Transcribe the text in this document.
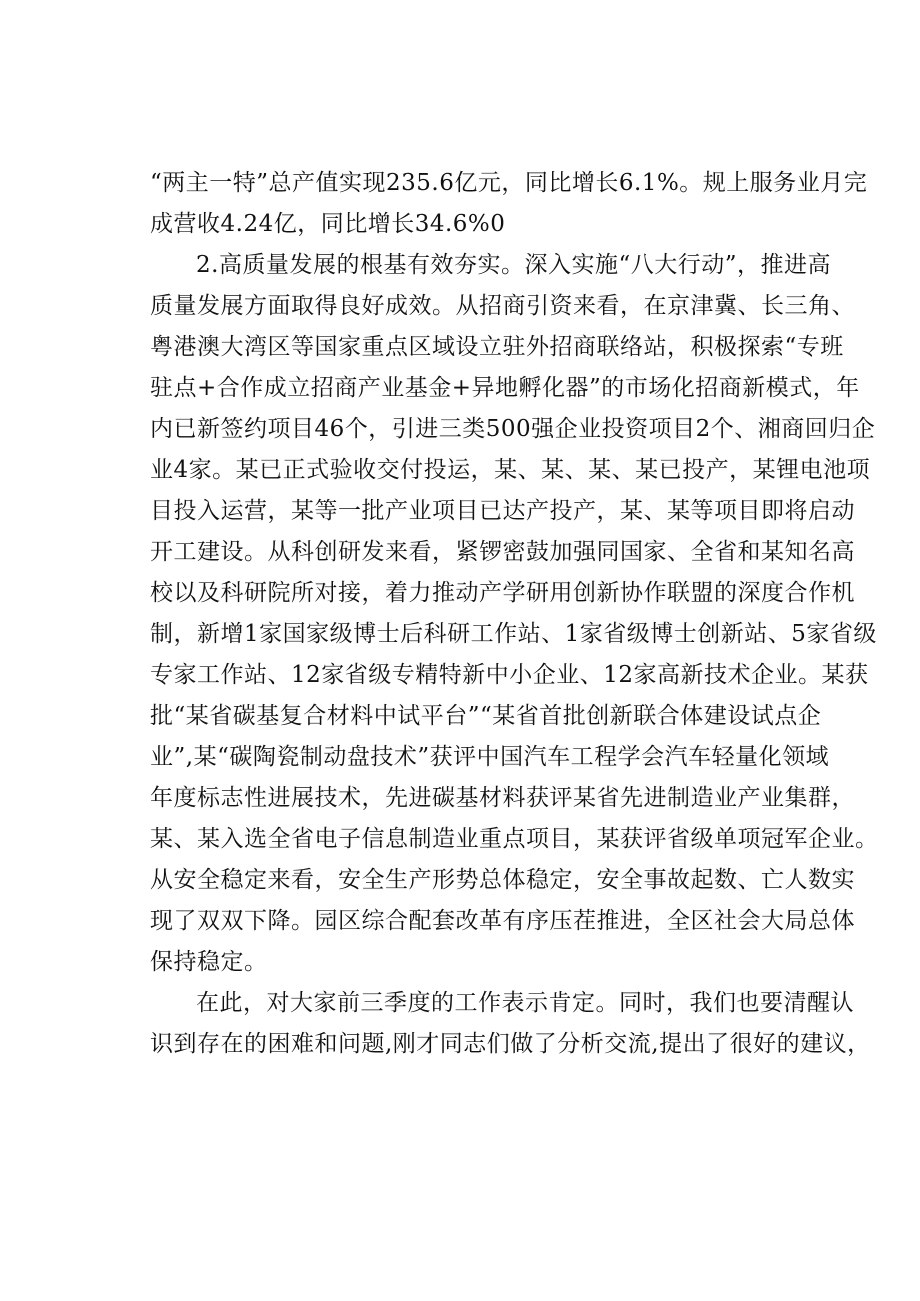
“两主一特”总产值实现235.6亿元，同比增长6.1%。规上服务业月完
成营收4.24亿，同比增长34.6%0
2.高质量发展的根基有效夯实。深入实施“八大行动”，推进高
质量发展方面取得良好成效。从招商引资来看，在京津冀、长三角、
粤港澳大湾区等国家重点区域设立驻外招商联络站，积极探索“专班
驻点+合作成立招商产业基金+异地孵化器”的市场化招商新模式，年
内已新签约项目46个，引进三类500强企业投资项目2个、湘商回归企
业4家。某已正式验收交付投运，某、某、某、某已投产，某锂电池项
目投入运营，某等一批产业项目已达产投产，某、某等项目即将启动
开工建设。从科创研发来看，紧锣密鼓加强同国家、全省和某知名高
校以及科研院所对接，着力推动产学研用创新协作联盟的深度合作机
制，新增1家国家级博士后科研工作站、1家省级博士创新站、5家省级
专家工作站、12家省级专精特新中小企业、12家高新技术企业。某获
批“某省碳基复合材料中试平台”“某省首批创新联合体建设试点企
业”,某“碳陶瓷制动盘技术”获评中国汽车工程学会汽车轻量化领域
年度标志性进展技术，先进碳基材料获评某省先进制造业产业集群，
某、某入选全省电子信息制造业重点项目，某获评省级单项冠军企业。
从安全稳定来看，安全生产形势总体稳定，安全事故起数、亡人数实
现了双双下降。园区综合配套改革有序压茬推进，全区社会大局总体
保持稳定。
在此，对大家前三季度的工作表示肯定。同时，我们也要清醒认
识到存在的困难和问题,刚才同志们做了分析交流,提出了很好的建议，
